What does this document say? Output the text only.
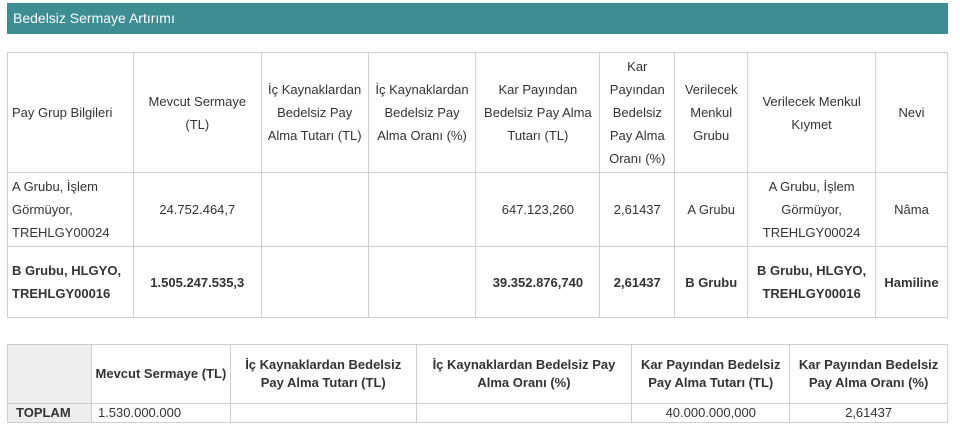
Bedelsiz Sermaye Artırımı
Pay Grup Bilgileri	Mevcut Sermaye (TL)	İç Kaynaklardan Bedelsiz Pay Alma Tutarı (TL)	İç Kaynaklardan Bedelsiz Pay Alma Oranı (%)	Kar Payından Bedelsiz Pay Alma Tutarı (TL)	Kar Payından Bedelsiz Pay Alma Oranı (%)	Verilecek Menkul Grubu	Verilecek Menkul Kıymet	Nevi
A Grubu, İşlem Görmüyor, TREHLGY00024	24.752.464,7			647.123,260	2,61437	A Grubu	A Grubu, İşlem Görmüyor, TREHLGY00024	Nâma
B Grubu, HLGYO, TREHLGY00016	1.505.247.535,3			39.352.876,740	2,61437	B Grubu	B Grubu, HLGYO, TREHLGY00016	Hamiline
	Mevcut Sermaye (TL)	İç Kaynaklardan Bedelsiz Pay Alma Tutarı (TL)	İç Kaynaklardan Bedelsiz Pay Alma Oranı (%)	Kar Payından Bedelsiz Pay Alma Tutarı (TL)	Kar Payından Bedelsiz Pay Alma Oranı (%)
TOPLAM	1.530.000.000			40.000.000,000	2,61437
